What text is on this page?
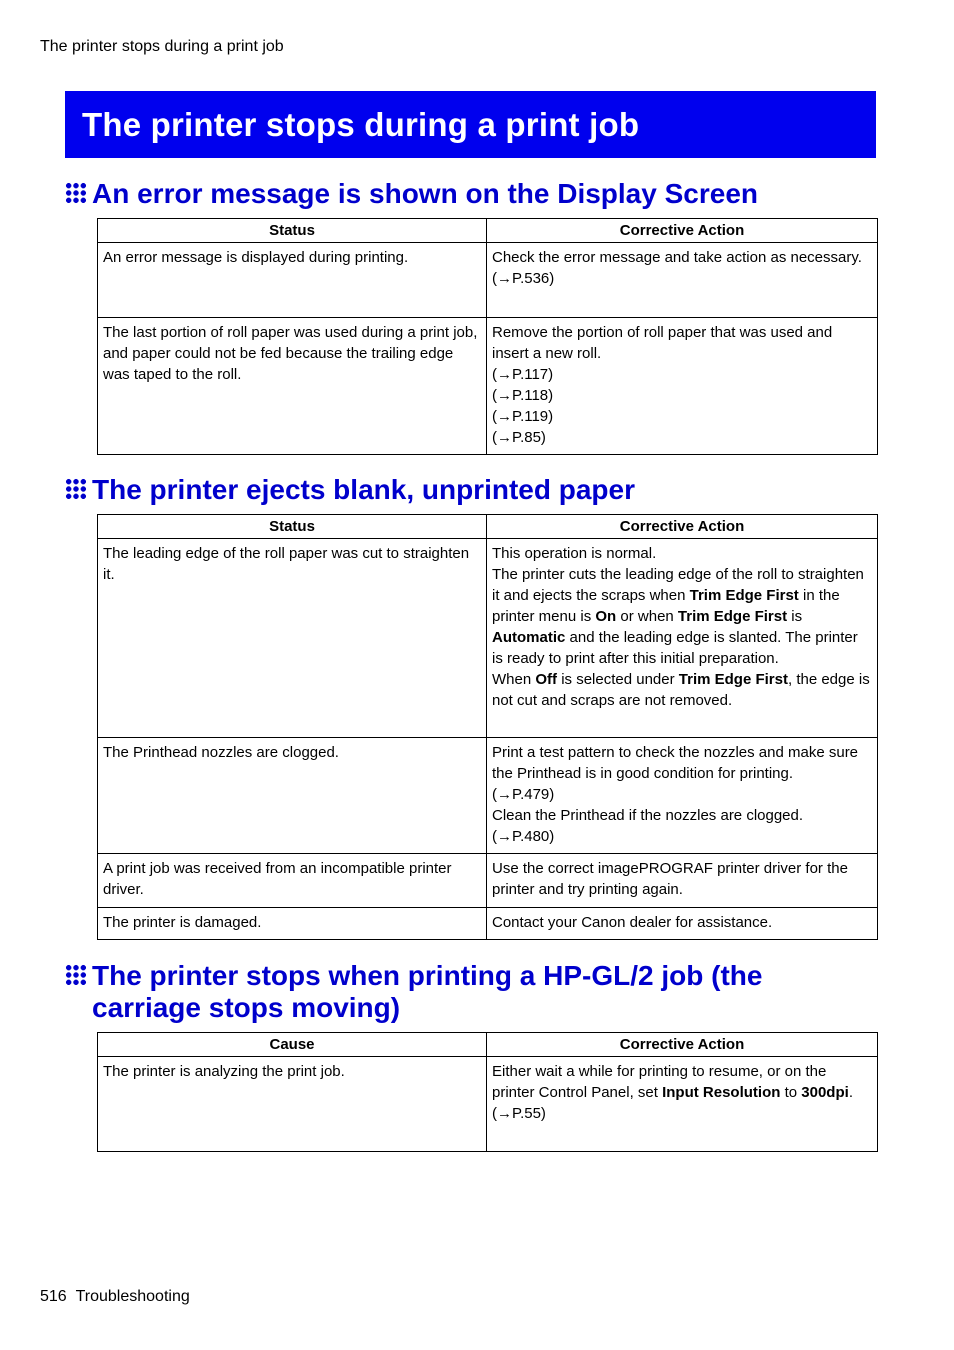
The printer stops during a print job
The printer stops during a print job
An error message is shown on the Display Screen
Status	Corrective Action
An error message is displayed during printing.	Check the error message and take action as necessary.
(→P.536)

The last portion of roll paper was used during a print job, and paper could not be fed because the trailing edge was taped to the roll.	Remove the portion of roll paper that was used and insert a new roll.
(→P.117)
(→P.118)
(→P.119)
(→P.85)
The printer ejects blank, unprinted paper
Status	Corrective Action
The leading edge of the roll paper was cut to straighten it.	This operation is normal.
The printer cuts the leading edge of the roll to straighten it and ejects the scraps when Trim Edge First in the printer menu is On or when Trim Edge First is Automatic and the leading edge is slanted. The printer is ready to print after this initial preparation.
When Off is selected under Trim Edge First, the edge is not cut and scraps are not removed.

The Printhead nozzles are clogged.	Print a test pattern to check the nozzles and make sure the Printhead is in good condition for printing.
(→P.479)
Clean the Printhead if the nozzles are clogged.
(→P.480)

A print job was received from an incompatible printer driver.	Use the correct imagePROGRAF printer driver for the printer and try printing again.
The printer is damaged.	Contact your Canon dealer for assistance.
The printer stops when printing a HP-GL/2 job (the carriage stops moving)
Cause	Corrective Action
The printer is analyzing the print job.	Either wait a while for printing to resume, or on the printer Control Panel, set Input Resolution to 300dpi.
(→P.55)
516 Troubleshooting
